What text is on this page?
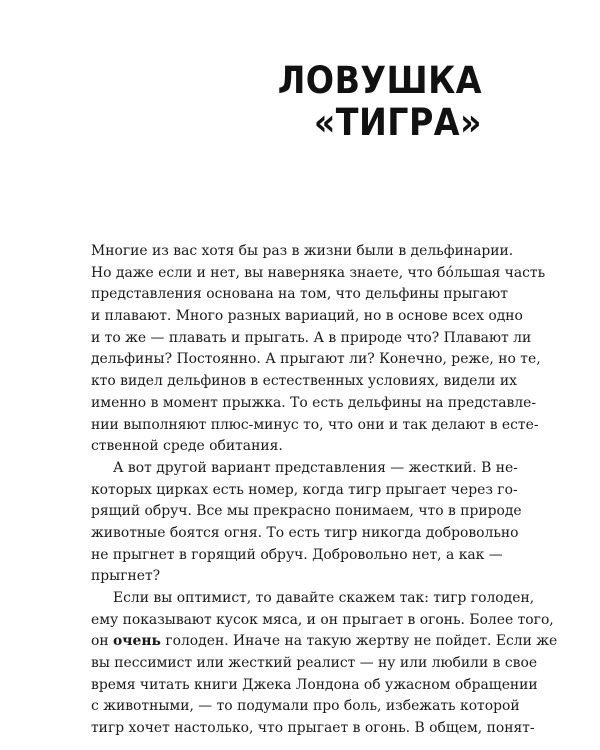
ЛОВУШКА
«ТИГРА»
Многие из вас хотя бы раз в жизни были в дельфинарии.
Но даже если и нет, вы наверняка знаете, что бóльшая часть
представления основана на том, что дельфины прыгают
и плавают. Много разных вариаций, но в основе всех одно
и то же — плавать и прыгать. А в природе что? Плавают ли
дельфины? Постоянно. А прыгают ли? Конечно, реже, но те,
кто видел дельфинов в естественных условиях, видели их
именно в момент прыжка. То есть дельфины на представле-
нии выполняют плюс-минус то, что они и так делают в есте-
ственной среде обитания.
А вот другой вариант представления — жесткий. В не-
которых цирках есть номер, когда тигр прыгает через го-
рящий обруч. Все мы прекрасно понимаем, что в природе
животные боятся огня. То есть тигр никогда добровольно
не прыгнет в горящий обруч. Добровольно нет, а как —
прыгнет?
Если вы оптимист, то давайте скажем так: тигр голоден,
ему показывают кусок мяса, и он прыгает в огонь. Более того,
он очень голоден. Иначе на такую жертву не пойдет. Если же
вы пессимист или жесткий реалист — ну или любили в свое
время читать книги Джека Лондона об ужасном обращении
с животными, — то подумали про боль, избежать которой
тигр хочет настолько, что прыгает в огонь. В общем, понят-
